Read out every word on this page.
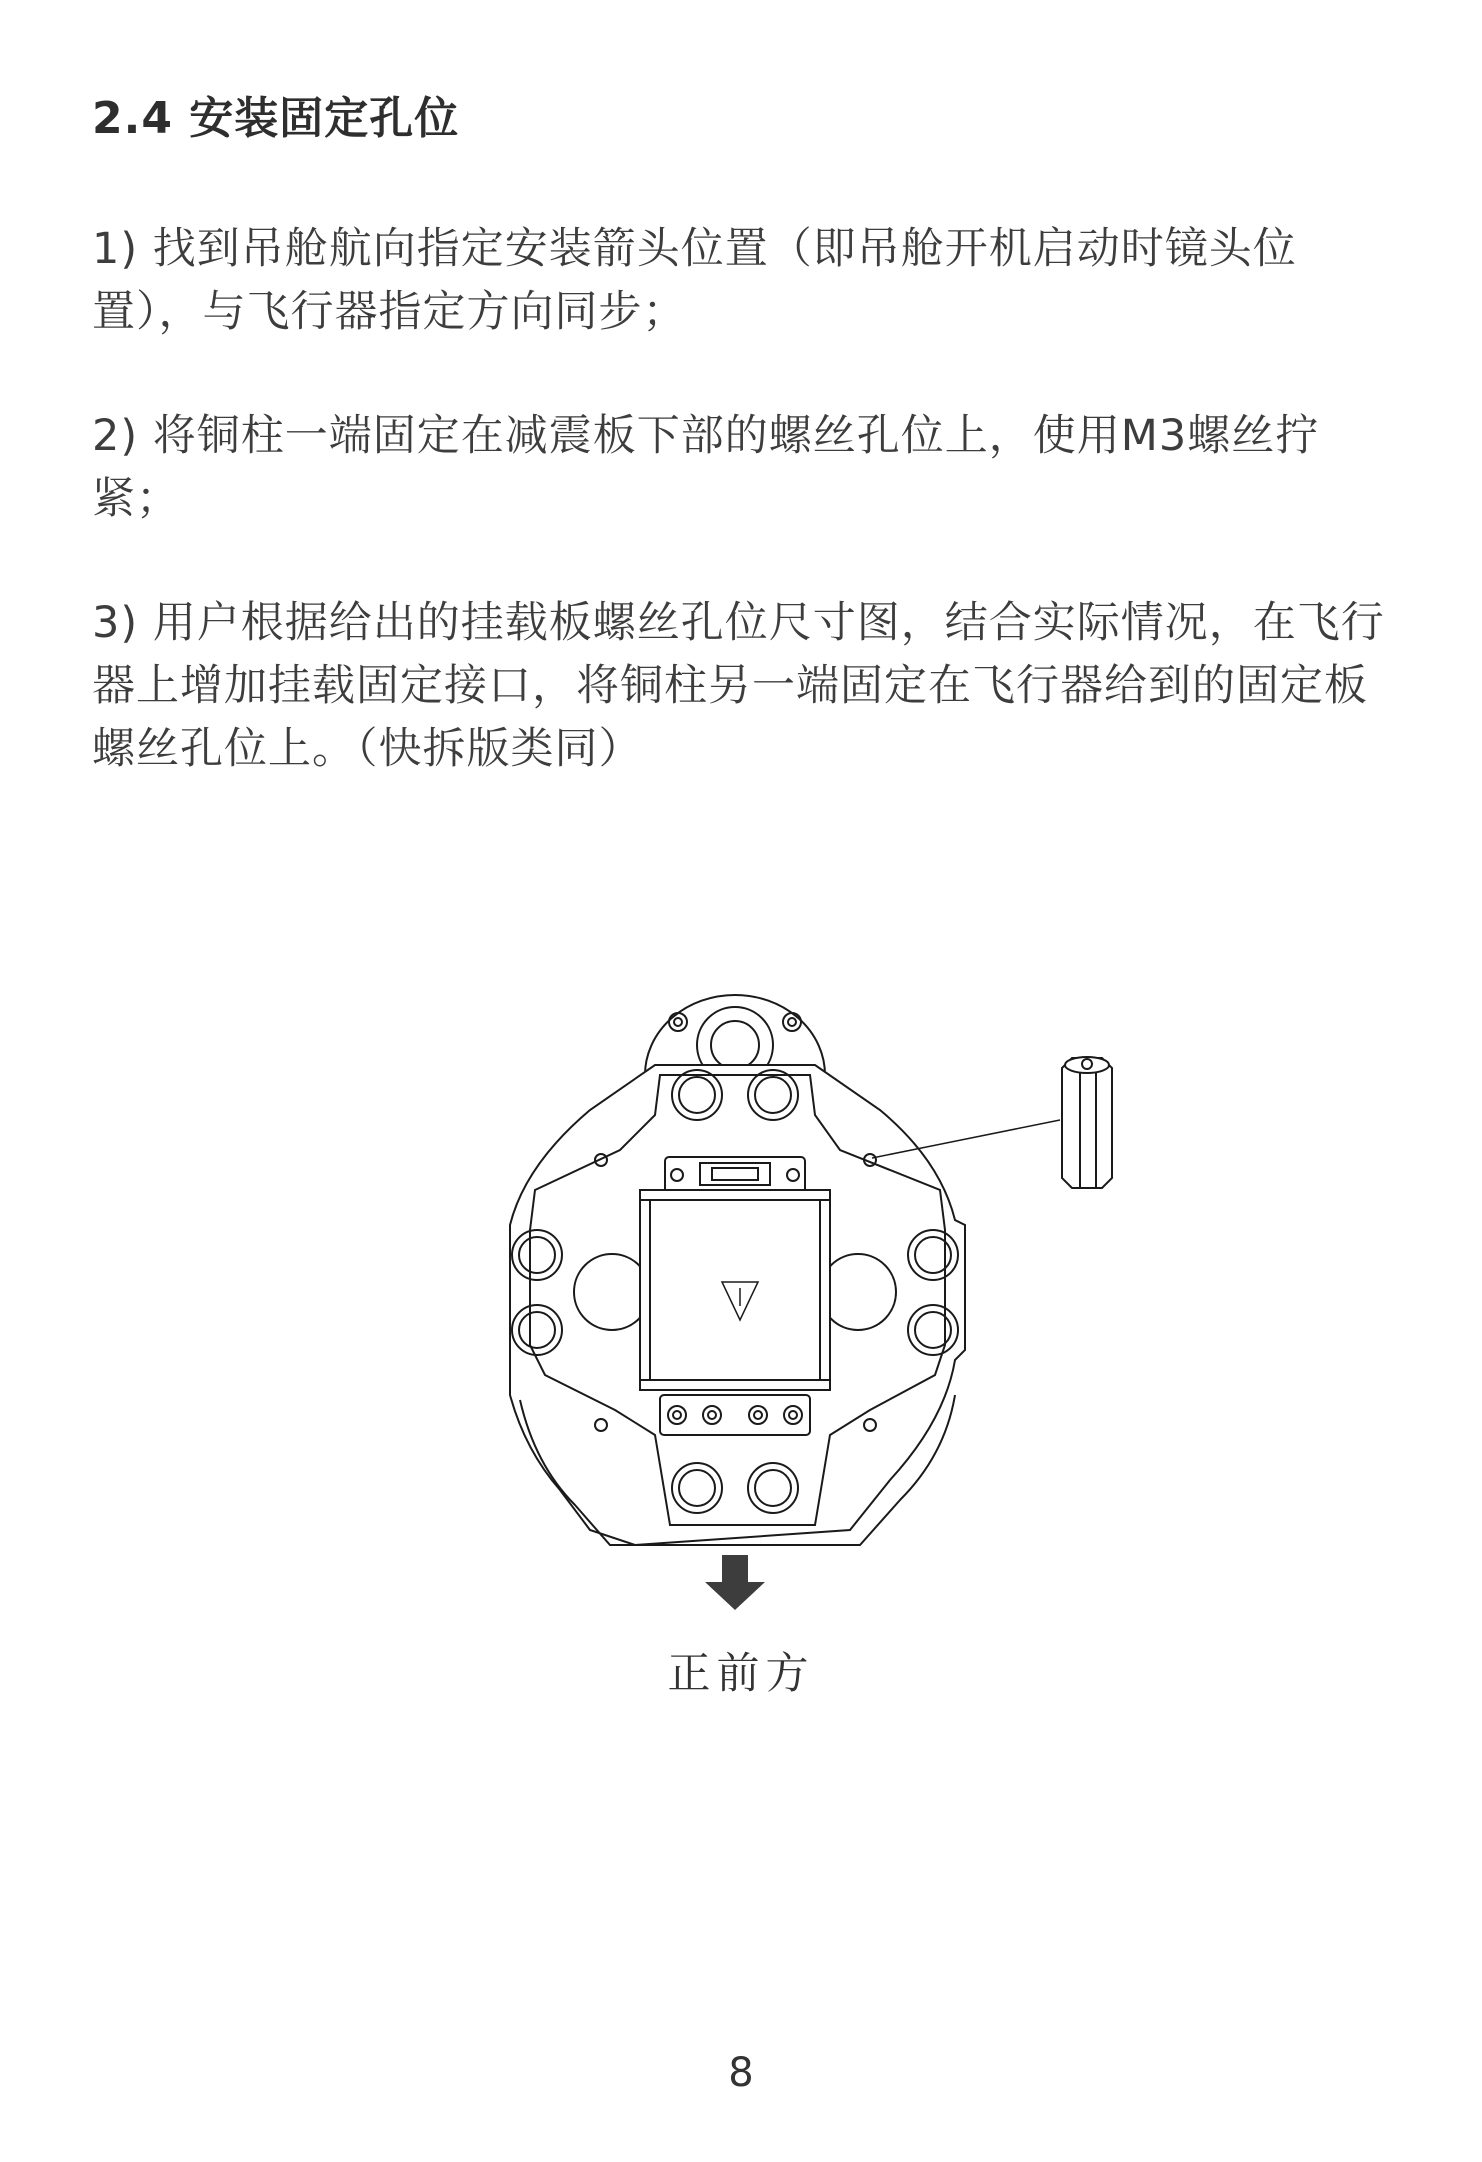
2.4 安装固定孔位

1) 找到吊舱航向指定安装箭头位置（即吊舱开机启动时镜头位置），与飞行器指定方向同步；

2) 将铜柱一端固定在减震板下部的螺丝孔位上，使用M3螺丝拧紧；

3) 用户根据给出的挂载板螺丝孔位尺寸图，结合实际情况，在飞行器上增加挂载固定接口，将铜柱另一端固定在飞行器给到的固定板螺丝孔位上。（快拆版类同）

正前方

8
